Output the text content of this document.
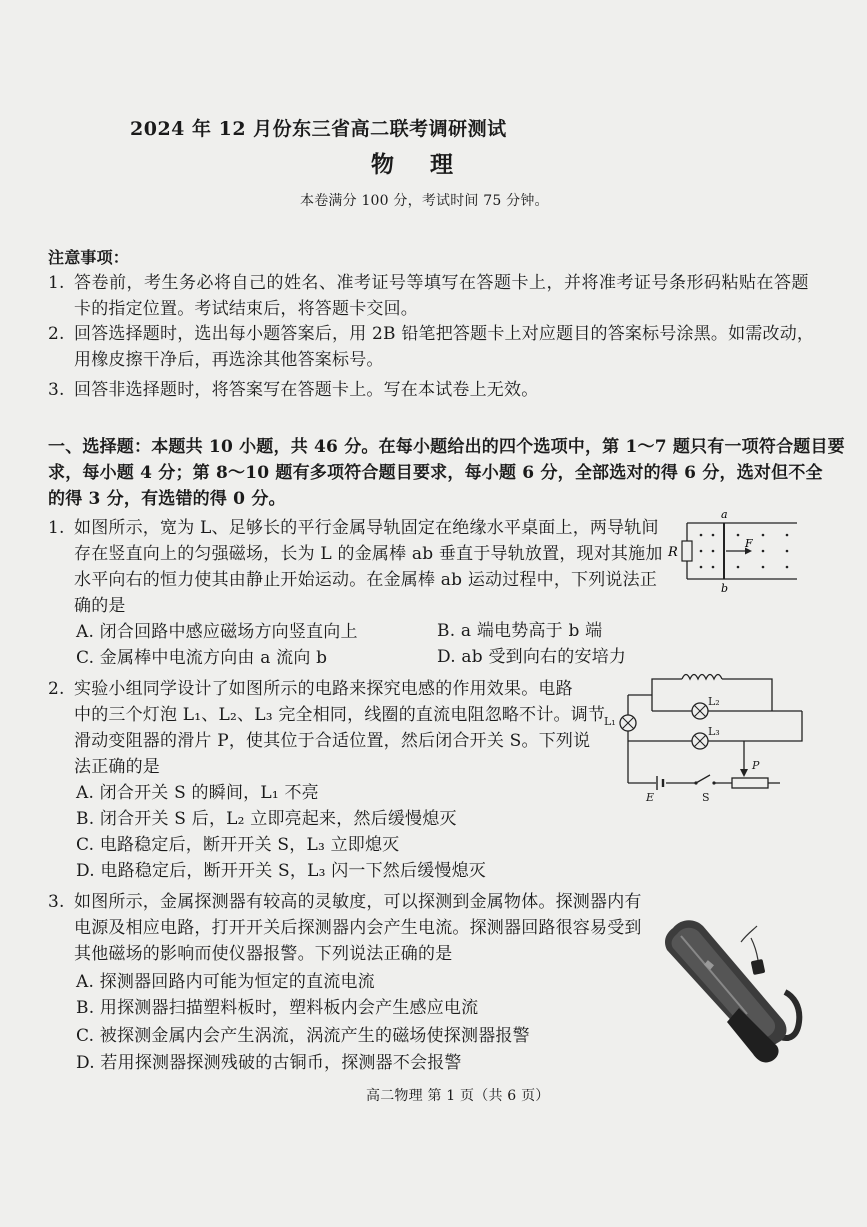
2024 年 12 月份东三省高二联考调研测试
物 理
本卷满分 100 分，考试时间 75 分钟。
注意事项：
1. 答卷前，考生务必将自己的姓名、准考证号等填写在答题卡上，并将准考证号条形码粘贴在答题
卡的指定位置。考试结束后，将答题卡交回。
2. 回答选择题时，选出每小题答案后，用 2B 铅笔把答题卡上对应题目的答案标号涂黑。如需改动，
用橡皮擦干净后，再选涂其他答案标号。
3. 回答非选择题时，将答案写在答题卡上。写在本试卷上无效。
一、选择题：本题共 10 小题，共 46 分。在每小题给出的四个选项中，第 1～7 题只有一项符合题目要
求，每小题 4 分；第 8～10 题有多项符合题目要求，每小题 6 分，全部选对的得 6 分，选对但不全
的得 3 分，有选错的得 0 分。
1. 如图所示，宽为 L、足够长的平行金属导轨固定在绝缘水平桌面上，两导轨间
存在竖直向上的匀强磁场，长为 L 的金属棒 ab 垂直于导轨放置，现对其施加
水平向右的恒力使其由静止开始运动。在金属棒 ab 运动过程中，下列说法正
确的是
A. 闭合回路中感应磁场方向竖直向上	B. a 端电势高于 b 端
C. 金属棒中电流方向由 a 流向 b	D. ab 受到向右的安培力
a
b
R
F
2. 实验小组同学设计了如图所示的电路来探究电感的作用效果。电路
中的三个灯泡 L₁、L₂、L₃ 完全相同，线圈的直流电阻忽略不计。调节
滑动变阻器的滑片 P，使其位于合适位置，然后闭合开关 S。下列说
法正确的是
A. 闭合开关 S 的瞬间，L₁ 不亮
B. 闭合开关 S 后，L₂ 立即亮起来，然后缓慢熄灭
C. 电路稳定后，断开开关 S，L₃ 立即熄灭
D. 电路稳定后，断开开关 S，L₃ 闪一下然后缓慢熄灭
L₁
L₂
L₃
E	S
P
3. 如图所示，金属探测器有较高的灵敏度，可以探测到金属物体。探测器内有
电源及相应电路，打开开关后探测器内会产生电流。探测器回路很容易受到
其他磁场的影响而使仪器报警。下列说法正确的是
A. 探测器回路内可能为恒定的直流电流
B. 用探测器扫描塑料板时，塑料板内会产生感应电流
C. 被探测金属内会产生涡流，涡流产生的磁场使探测器报警
D. 若用探测器探测残破的古铜币，探测器不会报警
高二物理 第 1 页（共 6 页）
